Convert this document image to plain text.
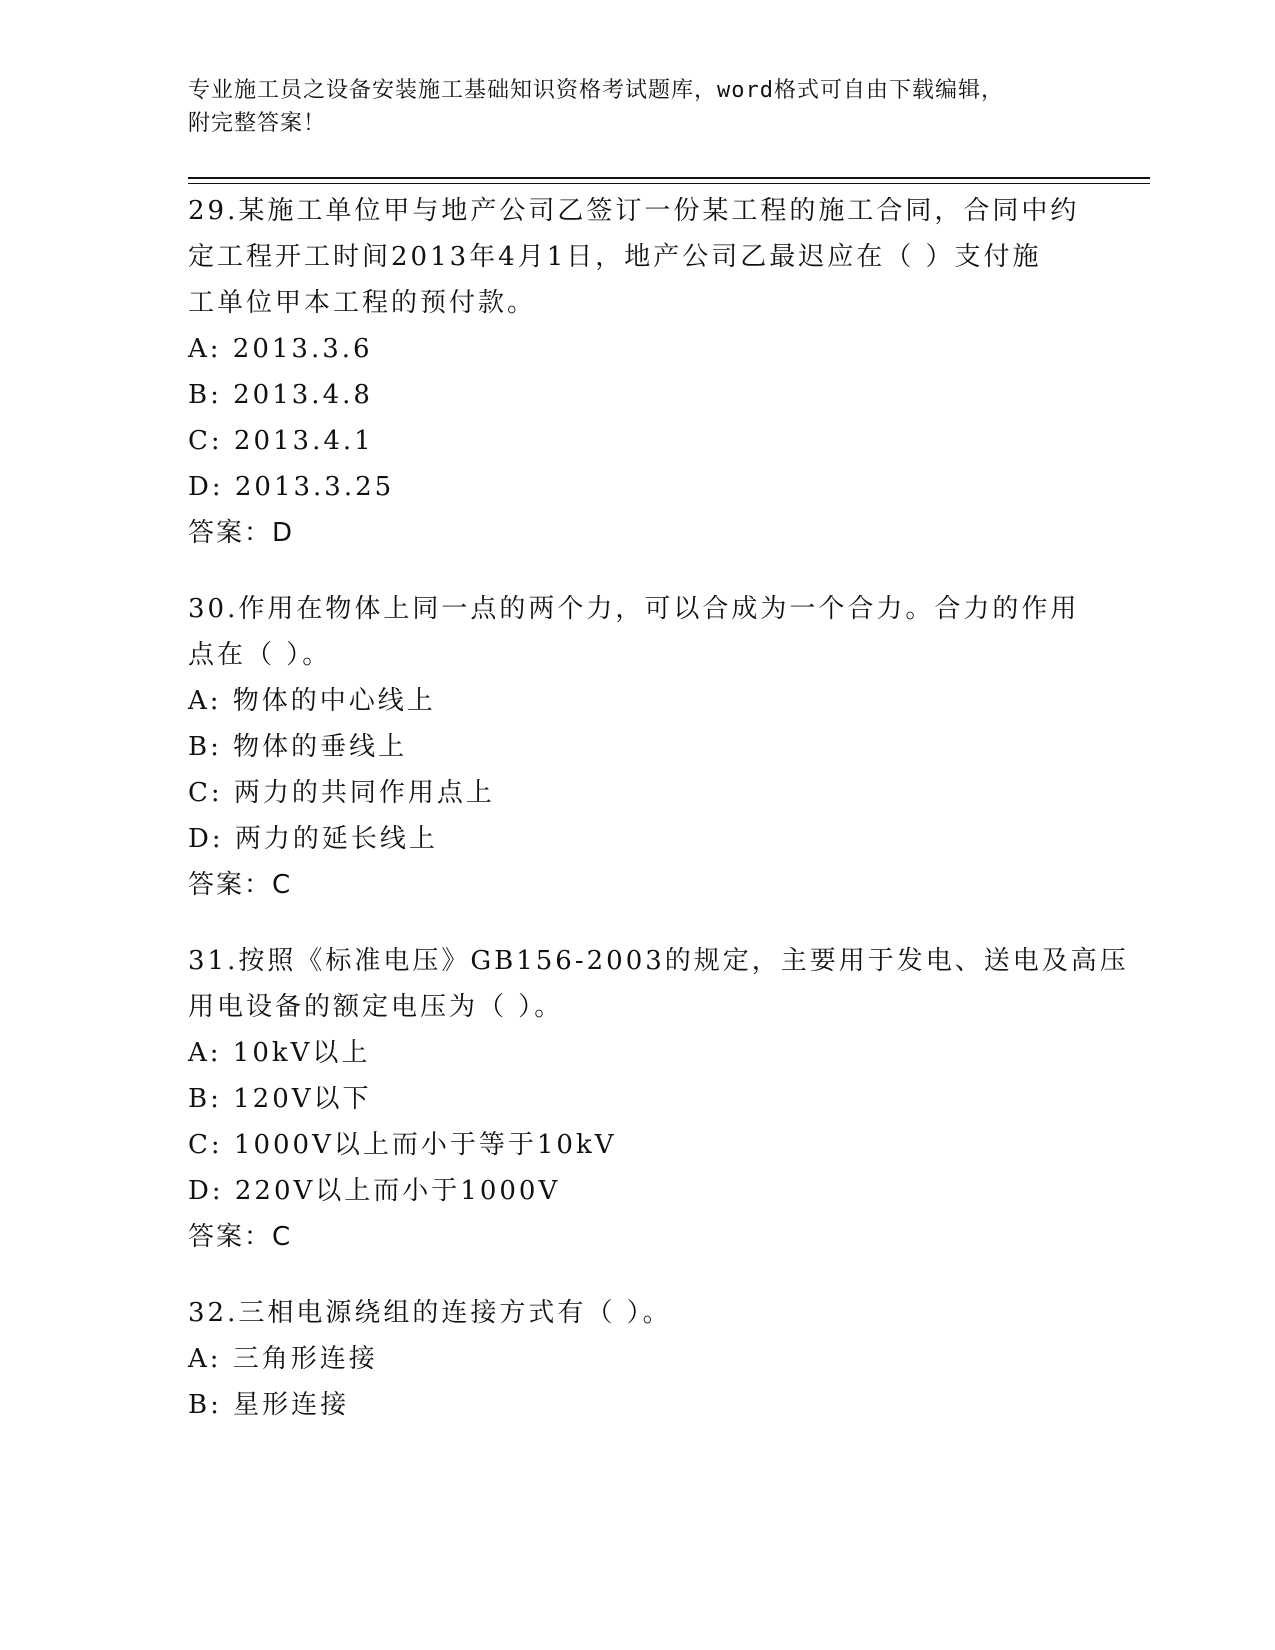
专业施工员之设备安装施工基础知识资格考试题库，word格式可自由下载编辑，
附完整答案！
29.某施工单位甲与地产公司乙签订一份某工程的施工合同，合同中约
定工程开工时间2013年4月1日，地产公司乙最迟应在（ ）支付施
工单位甲本工程的预付款。
A: 2013.3.6
B: 2013.4.8
C: 2013.4.1
D: 2013.3.25
答案：D
30.作用在物体上同一点的两个力，可以合成为一个合力。合力的作用
点在（ ）。
A: 物体的中心线上
B: 物体的垂线上
C: 两力的共同作用点上
D: 两力的延长线上
答案：C
31.按照《标准电压》GB156-2003的规定，主要用于发电、送电及高压
用电设备的额定电压为（ ）。
A: 10kV以上
B: 120V以下
C: 1000V以上而小于等于10kV
D: 220V以上而小于1000V
答案：C
32.三相电源绕组的连接方式有（ ）。
A: 三角形连接
B: 星形连接
